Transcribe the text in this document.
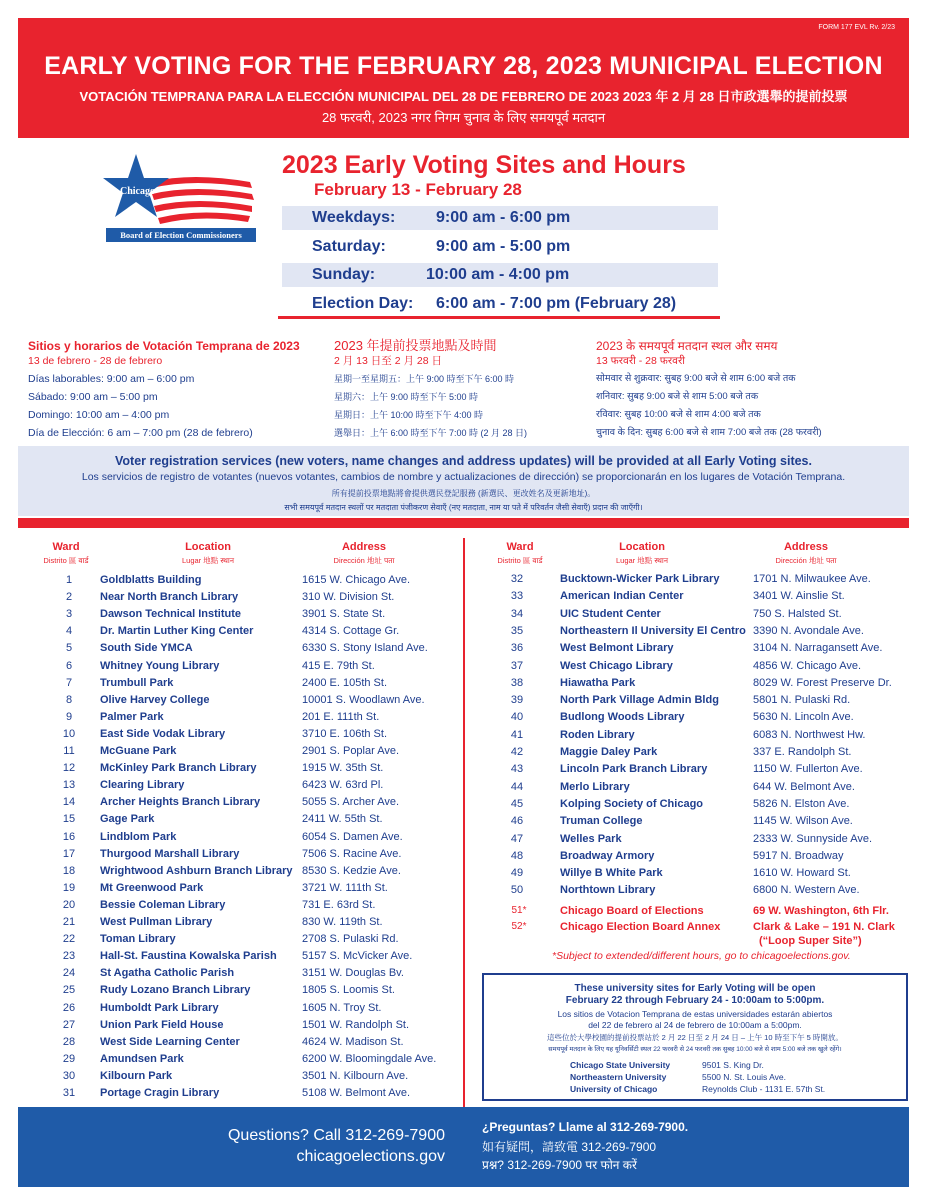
FORM 177 EVL Rv. 2/23
EARLY VOTING FOR THE FEBRUARY 28, 2023 MUNICIPAL ELECTION
VOTACIÓN TEMPRANA PARA LA ELECCIÓN MUNICIPAL DEL 28 DE FEBRERO DE 2023 2023 年 2 月 28 日市政選舉的提前投票
28 फरवरी, 2023 नगर निगम चुनाव के लिए समयपूर्व मतदान
Chicago
Board of Election Commissioners
2023 Early Voting Sites and Hours
February 13 - February 28
Weekdays:	9:00 am - 6:00 pm
Saturday:	9:00 am - 5:00 pm
Sunday:	10:00 am - 4:00 pm
Election Day: 6:00 am - 7:00 pm (February 28)
Sitios y horarios de Votación Temprana de 2023
13 de febrero - 28 de febrero
Días laborables: 9:00 am – 6:00 pm
Sábado: 9:00 am – 5:00 pm
Domingo: 10:00 am – 4:00 pm
Día de Elección: 6 am – 7:00 pm (28 de febrero)
2023 年提前投票地點及時間
2 月 13 日至 2 月 28 日
星期一至星期五：上午 9:00 時至下午 6:00 時
星期六：上午 9:00 時至下午 5:00 時
星期日：上午 10:00 時至下午 4:00 時
選舉日：上午 6:00 時至下午 7:00 時 (2 月 28 日)
2023 के समयपूर्व मतदान स्थल और समय
13 फरवरी - 28 फरवरी
सोमवार से शुक्रवार: सुबह 9:00 बजे से शाम 6:00 बजे तक
शनिवार: सुबह 9:00 बजे से शाम 5:00 बजे तक
रविवार: सुबह 10:00 बजे से शाम 4:00 बजे तक
चुनाव के दिन: सुबह 6:00 बजे से शाम 7:00 बजे तक (28 फरवरी)
Voter registration services (new voters, name changes and address updates) will be provided at all Early Voting sites.
Los servicios de registro de votantes (nuevos votantes, cambios de nombre y actualizaciones de dirección) se proporcionarán en los lugares de Votación Temprana.
所有提前投票地點將會提供選民登記服務 (新選民、更改姓名及更新地址)。
सभी समयपूर्व मतदान स्थलों पर मतदाता पंजीकरण सेवाएँ (नए मतदाता, नाम या पते में परिवर्तन जैसी सेवाएँ) प्रदान की जाएँगी।
Ward
Distrito 區 वार्ड
Location
Lugar 地點 स्थान
Address
Dirección 地址 पता
Ward
Distrito 區 वार्ड
Location
Lugar 地點 स्थान
Address
Dirección 地址 पता
1	Goldblatts Building	1615 W. Chicago Ave.
2	Near North Branch Library	310 W. Division St.
3	Dawson Technical Institute	3901 S. State St.
4	Dr. Martin Luther King Center	4314 S. Cottage Gr.
5	South Side YMCA	6330 S. Stony Island Ave.
6	Whitney Young Library	415 E. 79th St.
7	Trumbull Park	2400 E. 105th St.
8	Olive Harvey College	10001 S. Woodlawn Ave.
9	Palmer Park	201 E. 111th St.
10	East Side Vodak Library	3710 E. 106th St.
11	McGuane Park	2901 S. Poplar Ave.
12	McKinley Park Branch Library	1915 W. 35th St.
13	Clearing Library	6423 W. 63rd Pl.
14	Archer Heights Branch Library	5055 S. Archer Ave.
15	Gage Park	2411 W. 55th St.
16	Lindblom Park	6054 S. Damen Ave.
17	Thurgood Marshall Library	7506 S. Racine Ave.
18	Wrightwood Ashburn Branch Library 8530 S. Kedzie Ave.
19	Mt Greenwood Park	3721 W. 111th St.
20	Bessie Coleman Library	731 E. 63rd St.
21	West Pullman Library	830 W. 119th St.
22	Toman Library	2708 S. Pulaski Rd.
23	Hall-St. Faustina Kowalska Parish 5157 S. McVicker Ave.
24	St Agatha Catholic Parish	3151 W. Douglas Bv.
25	Rudy Lozano Branch Library	1805 S. Loomis St.
26	Humboldt Park Library	1605 N. Troy St.
27	Union Park Field House	1501 W. Randolph St.
28	West Side Learning Center	4624 W. Madison St.
29	Amundsen Park	6200 W. Bloomingdale Ave.
30	Kilbourn Park	3501 N. Kilbourn Ave.
31	Portage Cragin Library	5108 W. Belmont Ave.
32	Bucktown-Wicker Park Library	1701 N. Milwaukee Ave.
33	American Indian Center	3401 W. Ainslie St.
34	UIC Student Center	750 S. Halsted St.
35	Northeastern Il University El Centro 3390 N. Avondale Ave.
36	West Belmont Library	3104 N. Narragansett Ave.
37	West Chicago Library	4856 W. Chicago Ave.
38	Hiawatha Park	8029 W. Forest Preserve Dr.
39	North Park Village Admin Bldg	5801 N. Pulaski Rd.
40	Budlong Woods Library	5630 N. Lincoln Ave.
41	Roden Library	6083 N. Northwest Hw.
42	Maggie Daley Park	337 E. Randolph St.
43	Lincoln Park Branch Library	1150 W. Fullerton Ave.
44	Merlo Library	644 W. Belmont Ave.
45	Kolping Society of Chicago	5826 N. Elston Ave.
46	Truman College	1145 W. Wilson Ave.
47	Welles Park	2333 W. Sunnyside Ave.
48	Broadway Armory	5917 N. Broadway
49	Willye B White Park	1610 W. Howard St.
50	Northtown Library	6800 N. Western Ave.
51*	Chicago Board of Elections	69 W. Washington, 6th Flr.
52*	Chicago Election Board Annex	Clark & Lake – 191 N. Clark
(“Loop Super Site”)
*Subject to extended/different hours, go to chicagoelections.gov.
These university sites for Early Voting will be open
February 22 through February 24 - 10:00am to 5:00pm.
Los sitios de Votacion Temprana de estas universidades estarán abiertos
del 22 de febrero al 24 de febrero de 10:00am a 5:00pm.
這些位於大學校園的提前投票站於 2 月 22 日至 2 月 24 日 – 上午 10 時至下午 5 時開放。
समयपूर्व मतदान के लिए यह यूनिवर्सिटी स्थल 22 फरवरी से 24 फरवरी तक सुबह 10:00 बजे से शाम 5:00 बजे तक खुले रहेंगे।
Chicago State University	9501 S. King Dr.
Northeastern University	5500 N. St. Louis Ave.
University of Chicago	Reynolds Club - 1131 E. 57th St.
Questions? Call 312-269-7900
chicagoelections.gov
¿Preguntas? Llame al 312-269-7900.
如有疑問，請致電 312-269-7900
प्रश्न? 312-269-7900 पर फोन करें
